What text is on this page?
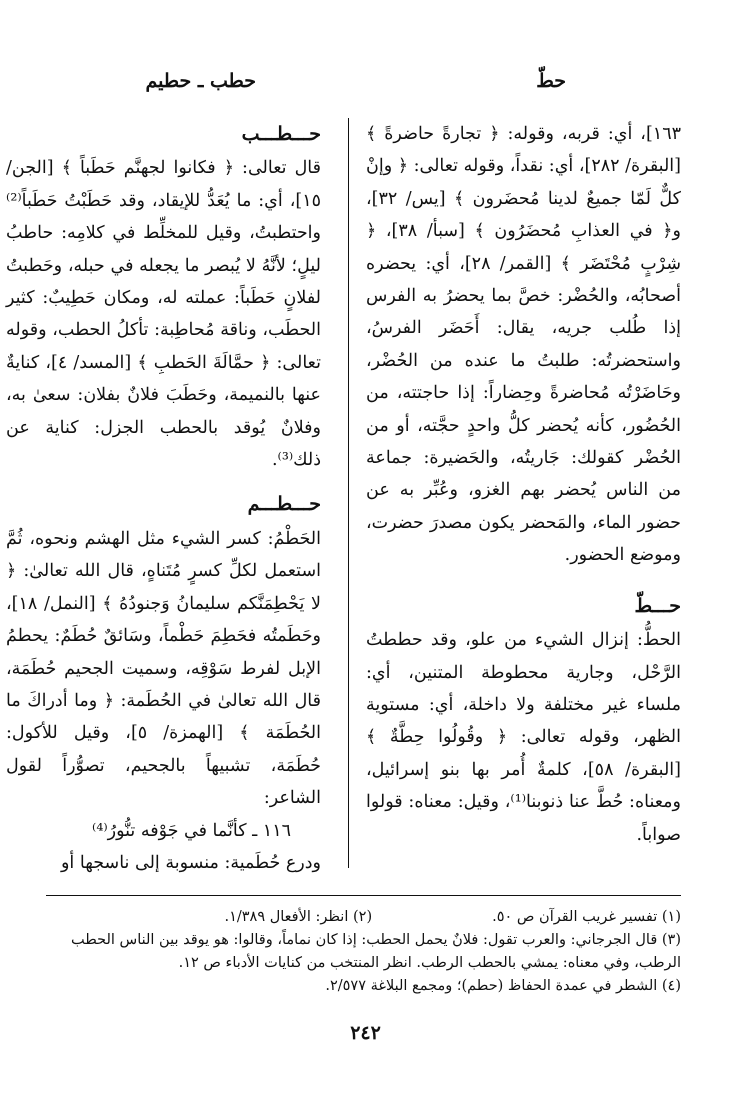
حطّ
حطب ـ حطيم

١٦٣]، أي: قربه، وقوله: ﴿ تجارةً حاضرةً ﴾ [البقرة/ ٢٨٢]، أي: نقداً، وقوله تعالى: ﴿ وإنْ كلٌّ لَمّا جميعٌ لدينا مُحضَرون ﴾ [يس/ ٣٢]، و﴿ في العذابِ مُحضَرُون ﴾ [سبأ/ ٣٨]، ﴿ شِرْبٍ مُحْتَضَر ﴾ [القمر/ ٢٨]، أي: يحضره أصحابُه، والحُضْر: خصَّ بما يحضرُ به الفرس إذا طُلب جريه، يقال: أَحَضَر الفرسُ، واستحضرتُه: طلبتُ ما عنده من الحُضْر، وحَاضَرْتُه مُحاضرةً وحِضاراً: إذا حاجتته، من الحُضُور، كأنه يُحضر كلُّ واحدٍ حجَّته، أو من الحُضْر كقولك: جَاريتُه، والحَضيرة: جماعة من الناس يُحضر بهم الغزو، وعُبِّر به عن حضور الماء، والمَحضر يكون مصدرَ حضرت، وموضع الحضور.

حـــطّ

الحطُّ: إنزال الشيء من علو، وقد حططتُ الرَّحْل، وجارية محطوطة المتنين، أي: ملساء غير مختلفة ولا داخلة، أي: مستوية الظهر، وقوله تعالى: ﴿ وقُولُوا حِطَّةٌ ﴾ [البقرة/ ٥٨]، كلمةٌ أُمر بها بنو إسرائيل، ومعناه: حُطَّ عنا ذنوبنا⁽¹⁾، وقيل: معناه: قولوا صواباً.

حـــطـــب

قال تعالى: ﴿ فكانوا لجهنَّم حَطَباً ﴾ [الجن/ ١٥]، أي: ما يُعَدُّ للإيقاد، وقد حَطَبْتُ حَطَباً⁽²⁾ واحتطبتُ، وقيل للمخلِّط في كلامِه: حاطبُ ليلٍ؛ لأنَّهُ لا يُبصر ما يجعله في حبله، وحَطبتُ لفلانٍ حَطَباً: عملته له، ومكان حَطِيبٌ: كثير الحطَب، وناقة مُحاطِبة: تأكلُ الحطب، وقوله تعالى: ﴿ حمَّالَةَ الحَطبِ ﴾ [المسد/ ٤]، كنايةٌ عنها بالنميمة، وحَطَبَ فلانٌ بفلان: سعىٰ به، وفلانٌ يُوقد بالحطب الجزل: كناية عن ذلك⁽³⁾.

حـــطـــم

الحَطْمُ: كسر الشيء مثل الهشم ونحوه، ثُمَّ استعمل لكلِّ كسرٍ مُتَناهٍ، قال الله تعالىٰ: ﴿ لا يَحْطِمَنَّكم سليمانُ وَجنودُهُ ﴾ [النمل/ ١٨]، وحَطَمتُه فحَطِمَ حَطْماً، وسَائقٌ حُطَمٌ: يحطمُ الإبل لفرط سَوْقِه، وسميت الجحيم حُطَمَة، قال الله تعالىٰ في الحُطَمة: ﴿ وما أدراكَ ما الحُطَمَة ﴾ [الهمزة/ ٥]، وقيل للأكول: حُطَمَة، تشبيهاً بالجحيم، تصوُّراً لقول الشاعر:

١١٦ ـ كأنَّما في جَوْفه تنُّورُ⁽⁴⁾

ودرع حُطَمية: منسوبة إلى ناسجها أو

(١) تفسير غريب القرآن ص ٥٠.
(٢) انظر: الأفعال ١/٣٨٩.
(٣) قال الجرجاني: والعرب تقول: فلانٌ يحمل الحطب: إذا كان نماماً، وقالوا: هو يوقد بين الناس الحطب الرطب، وفي معناه: يمشي بالحطب الرطب. انظر المنتخب من كنايات الأدباء ص ١٢.
(٤) الشطر في عمدة الحفاظ (حطم)؛ ومجمع البلاغة ٢/٥٧٧.
٢٤٢
